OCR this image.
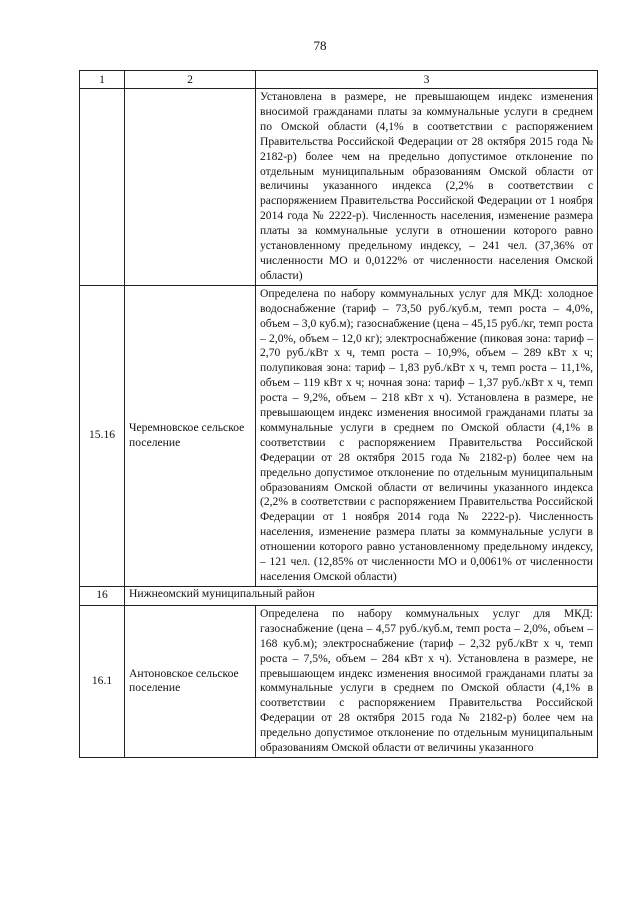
78
1	2	3
		Установлена в размере, не превышающем индекс изменения вносимой гражданами платы за коммунальные услуги в среднем по Омской области (4,1% в соответствии с распоряжением Правительства Российской Федерации от 28 октября 2015 года № 2182-р) более чем на предельно допустимое отклонение по отдельным муниципальным образованиям Омской области от величины указанного индекса (2,2% в соответствии с распоряжением Правительства Российской Федерации от 1 ноября 2014 года № 2222-р). Численность населения, изменение размера платы за коммунальные услуги в отношении которого равно установленному предельному индексу, – 241 чел. (37,36% от численности МО и 0,0122% от численности населения Омской области)
15.16	Черемновское сельское поселение	Определена по набору коммунальных услуг для МКД: холодное водоснабжение (тариф – 73,50 руб./куб.м, темп роста – 4,0%, объем – 3,0 куб.м); газоснабжение (цена – 45,15 руб./кг, темп роста – 2,0%, объем – 12,0 кг); электроснабжение (пиковая зона: тариф – 2,70 руб./кВт х ч, темп роста – 10,9%, объем – 289 кВт х ч; полупиковая зона: тариф – 1,83 руб./кВт х ч, темп роста – 11,1%, объем – 119 кВт х ч; ночная зона: тариф – 1,37 руб./кВт х ч, темп роста – 9,2%, объем – 218 кВт х ч). Установлена в размере, не превышающем индекс изменения вносимой гражданами платы за коммунальные услуги в среднем по Омской области (4,1% в соответствии с распоряжением Правительства Российской Федерации от 28 октября 2015 года № 2182-р) более чем на предельно допустимое отклонение по отдельным муниципальным образованиям Омской области от величины указанного индекса (2,2% в соответствии с распоряжением Правительства Российской Федерации от 1 ноября 2014 года № 2222-р). Численность населения, изменение размера платы за коммунальные услуги в отношении которого равно установленному предельному индексу, – 121 чел. (12,85% от численности МО и 0,0061% от численности населения Омской области)
16	Нижнеомский муниципальный район	
16.1	Антоновское сельское поселение	Определена по набору коммунальных услуг для МКД: газоснабжение (цена – 4,57 руб./куб.м, темп роста – 2,0%, объем – 168 куб.м); электроснабжение (тариф – 2,32 руб./кВт х ч, темп роста – 7,5%, объем – 284 кВт х ч). Установлена в размере, не превышающем индекс изменения вносимой гражданами платы за коммунальные услуги в среднем по Омской области (4,1% в соответствии с распоряжением Правительства Российской Федерации от 28 октября 2015 года № 2182-р) более чем на предельно допустимое отклонение по отдельным муниципальным образованиям Омской области от величины указанного
